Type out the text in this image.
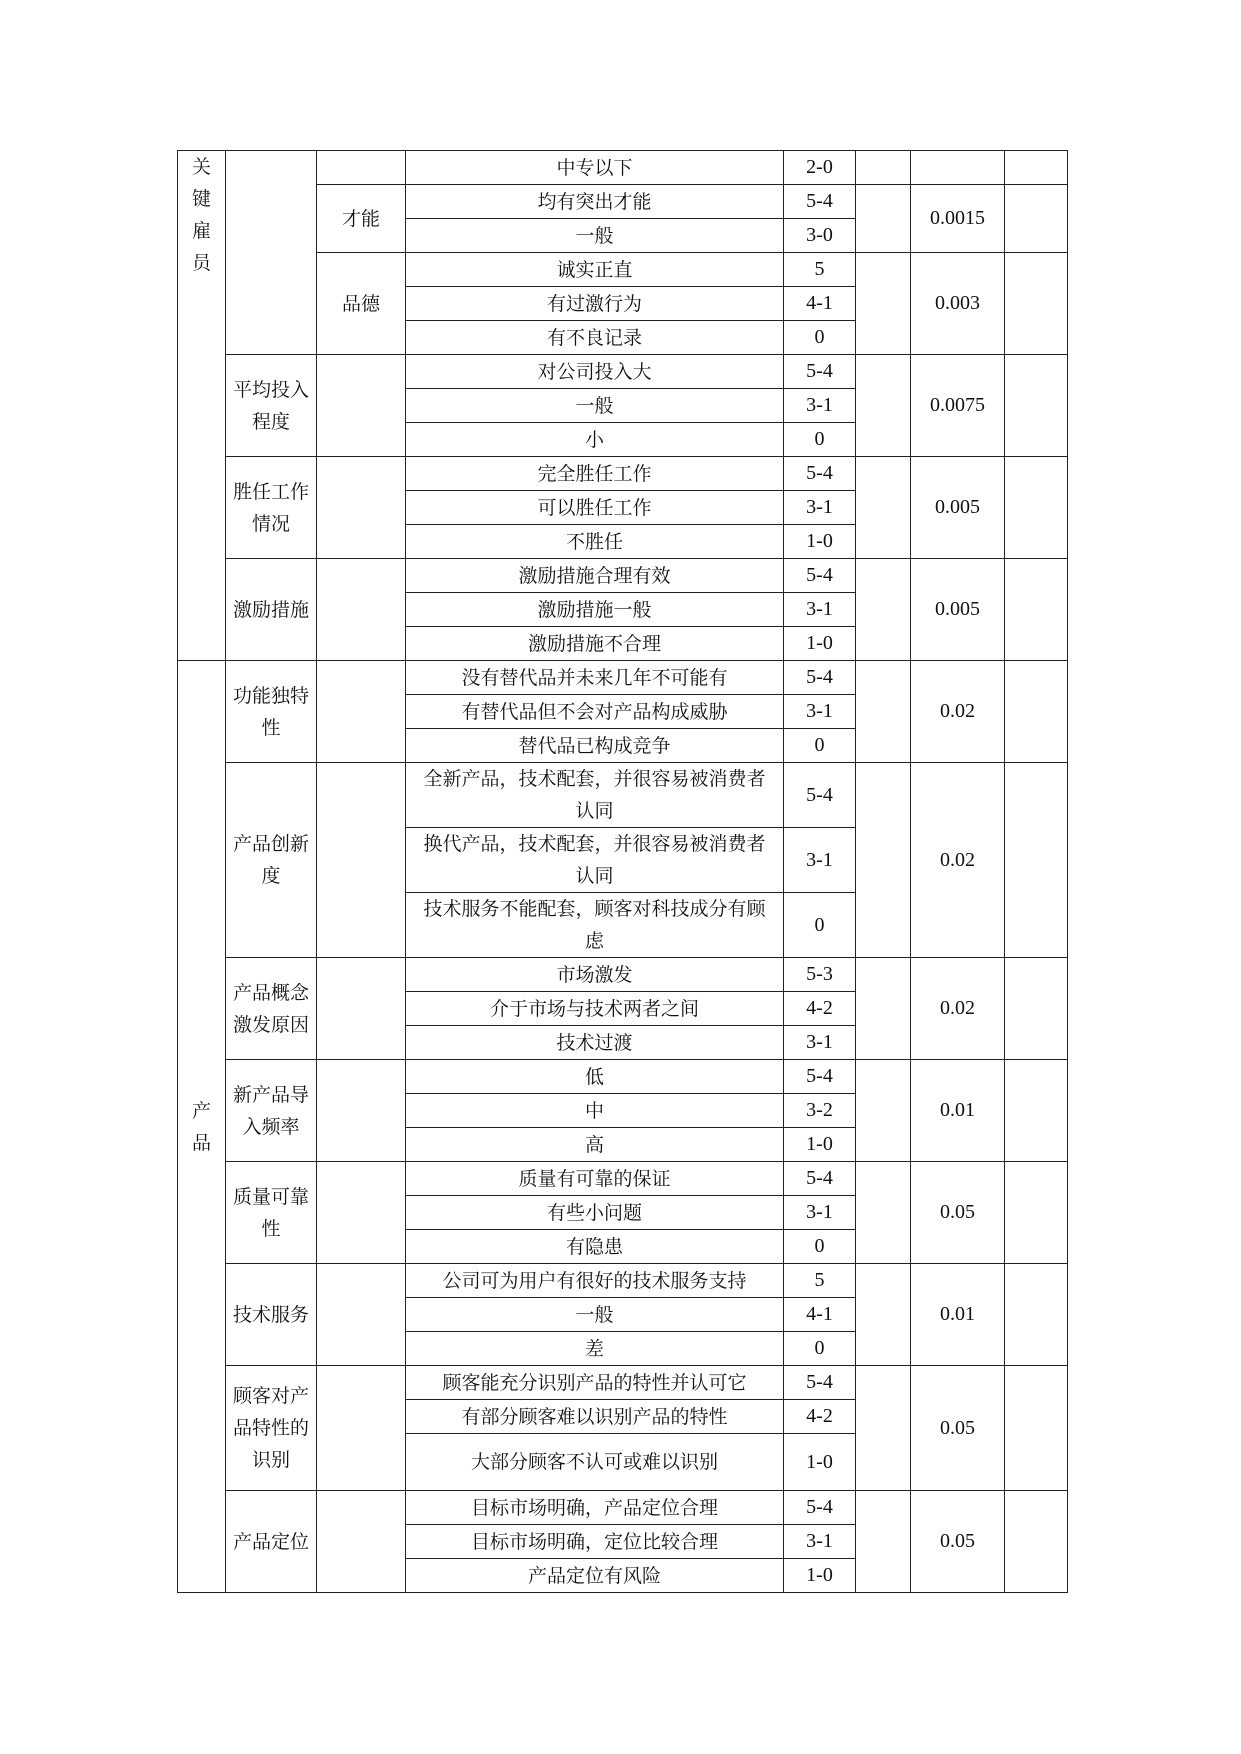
关键雇员			中专以下	2-0			
		才能	均有突出才能	5-4		0.0015	
			一般	3-0			
		品德	诚实正直	5		0.003	
			有过激行为	4-1			
			有不良记录	0			
	平均投入程度		对公司投入大	5-4		0.0075	
			一般	3-1			
			小	0			
	胜任工作情况		完全胜任工作	5-4		0.005	
			可以胜任工作	3-1			
			不胜任	1-0			
	激励措施		激励措施合理有效	5-4		0.005	
			激励措施一般	3-1			
			激励措施不合理	1-0			
产品	功能独特性		没有替代品并未来几年不可能有	5-4		0.02	
			有替代品但不会对产品构成威胁	3-1			
			替代品已构成竞争	0			
	产品创新度		全新产品，技术配套，并很容易被消费者认同	5-4		0.02	
			换代产品，技术配套，并很容易被消费者认同	3-1			
			技术服务不能配套，顾客对科技成分有顾虑	0			
	产品概念激发原因		市场激发	5-3		0.02	
			介于市场与技术两者之间	4-2			
			技术过渡	3-1			
	新产品导入频率		低	5-4		0.01	
			中	3-2			
			高	1-0			
	质量可靠性		质量有可靠的保证	5-4		0.05	
			有些小问题	3-1			
			有隐患	0			
	技术服务		公司可为用户有很好的技术服务支持	5		0.01	
			一般	4-1			
			差	0			
	顾客对产品特性的识别		顾客能充分识别产品的特性并认可它	5-4		0.05	
			有部分顾客难以识别产品的特性	4-2			
			大部分顾客不认可或难以识别	1-0			
	产品定位		目标市场明确，产品定位合理	5-4		0.05	
			目标市场明确，定位比较合理	3-1			
			产品定位有风险	1-0			
